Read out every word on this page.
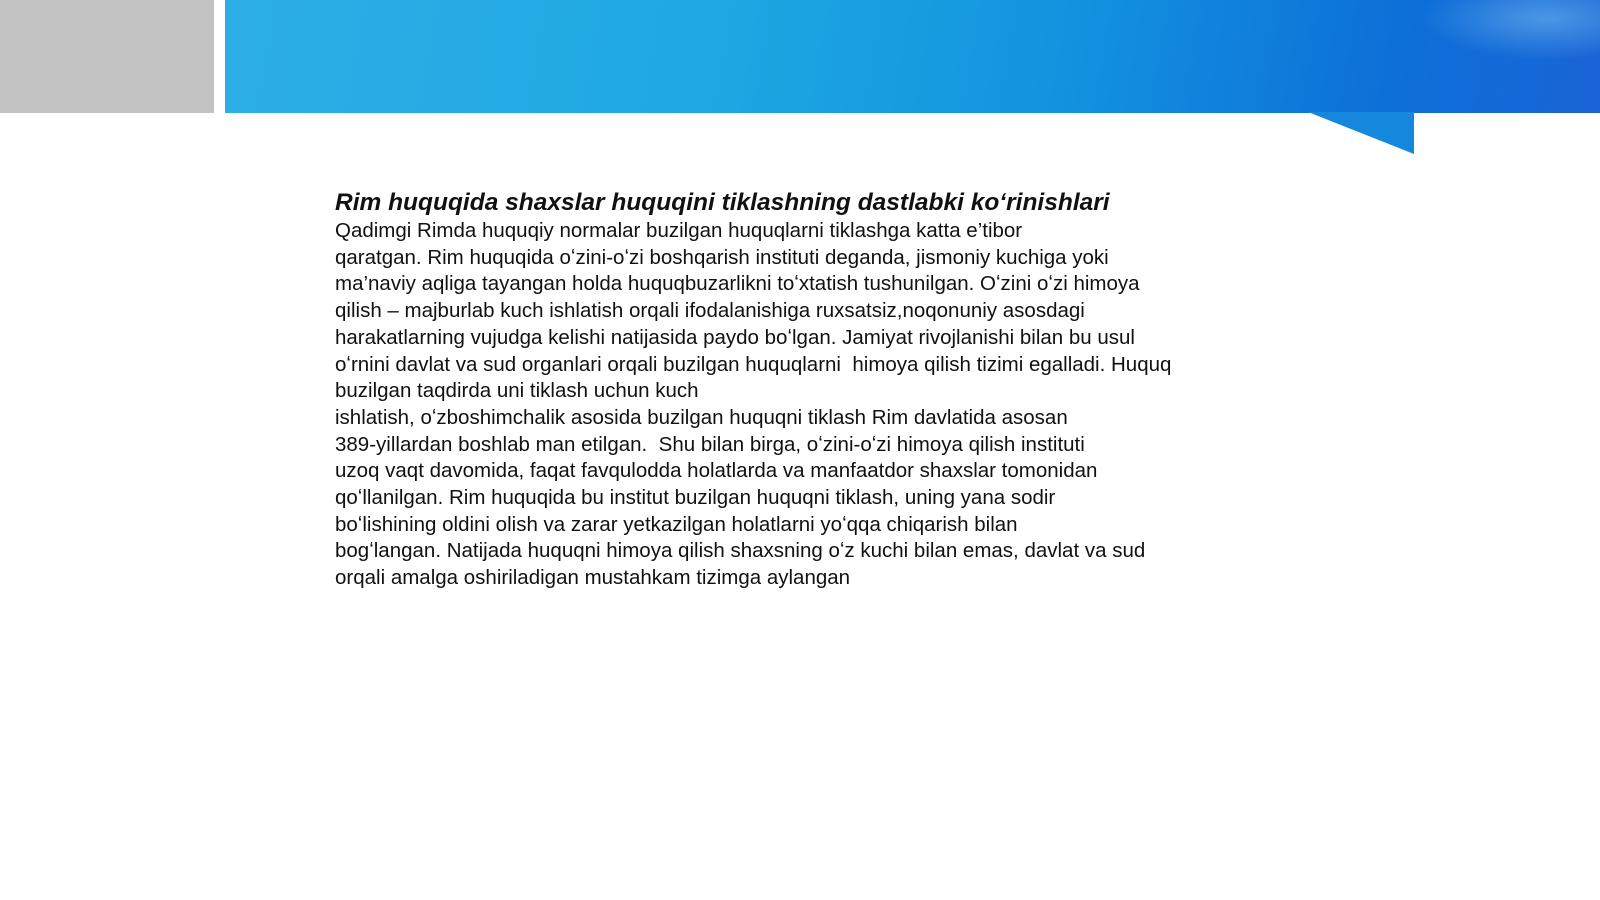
Rim huquqida shaxslar huquqini tiklashning dastlabki koʻrinishlari
Qadimgi Rimda huquqiy normalar buzilgan huquqlarni tiklashga katta e’tibor
qaratgan. Rim huquqida oʻzini-oʻzi boshqarish instituti deganda, jismoniy kuchiga yoki
ma’naviy aqliga tayangan holda huquqbuzarlikni toʻxtatish tushunilgan. Oʻzini oʻzi himoya
qilish – majburlab kuch ishlatish orqali ifodalanishiga ruxsatsiz,noqonuniy asosdagi
harakatlarning vujudga kelishi natijasida paydo boʻlgan. Jamiyat rivojlanishi bilan bu usul
oʻrnini davlat va sud organlari orqali buzilgan huquqlarni  himoya qilish tizimi egalladi. Huquq
buzilgan taqdirda uni tiklash uchun kuch
ishlatish, oʻzboshimchalik asosida buzilgan huquqni tiklash Rim davlatida asosan
389-yillardan boshlab man etilgan.  Shu bilan birga, oʻzini-oʻzi himoya qilish instituti
uzoq vaqt davomida, faqat favqulodda holatlarda va manfaatdor shaxslar tomonidan
qoʻllanilgan. Rim huquqida bu institut buzilgan huquqni tiklash, uning yana sodir
boʻlishining oldini olish va zarar yetkazilgan holatlarni yoʻqqa chiqarish bilan
bogʻlangan. Natijada huquqni himoya qilish shaxsning oʻz kuchi bilan emas, davlat va sud
orqali amalga oshiriladigan mustahkam tizimga aylangan
